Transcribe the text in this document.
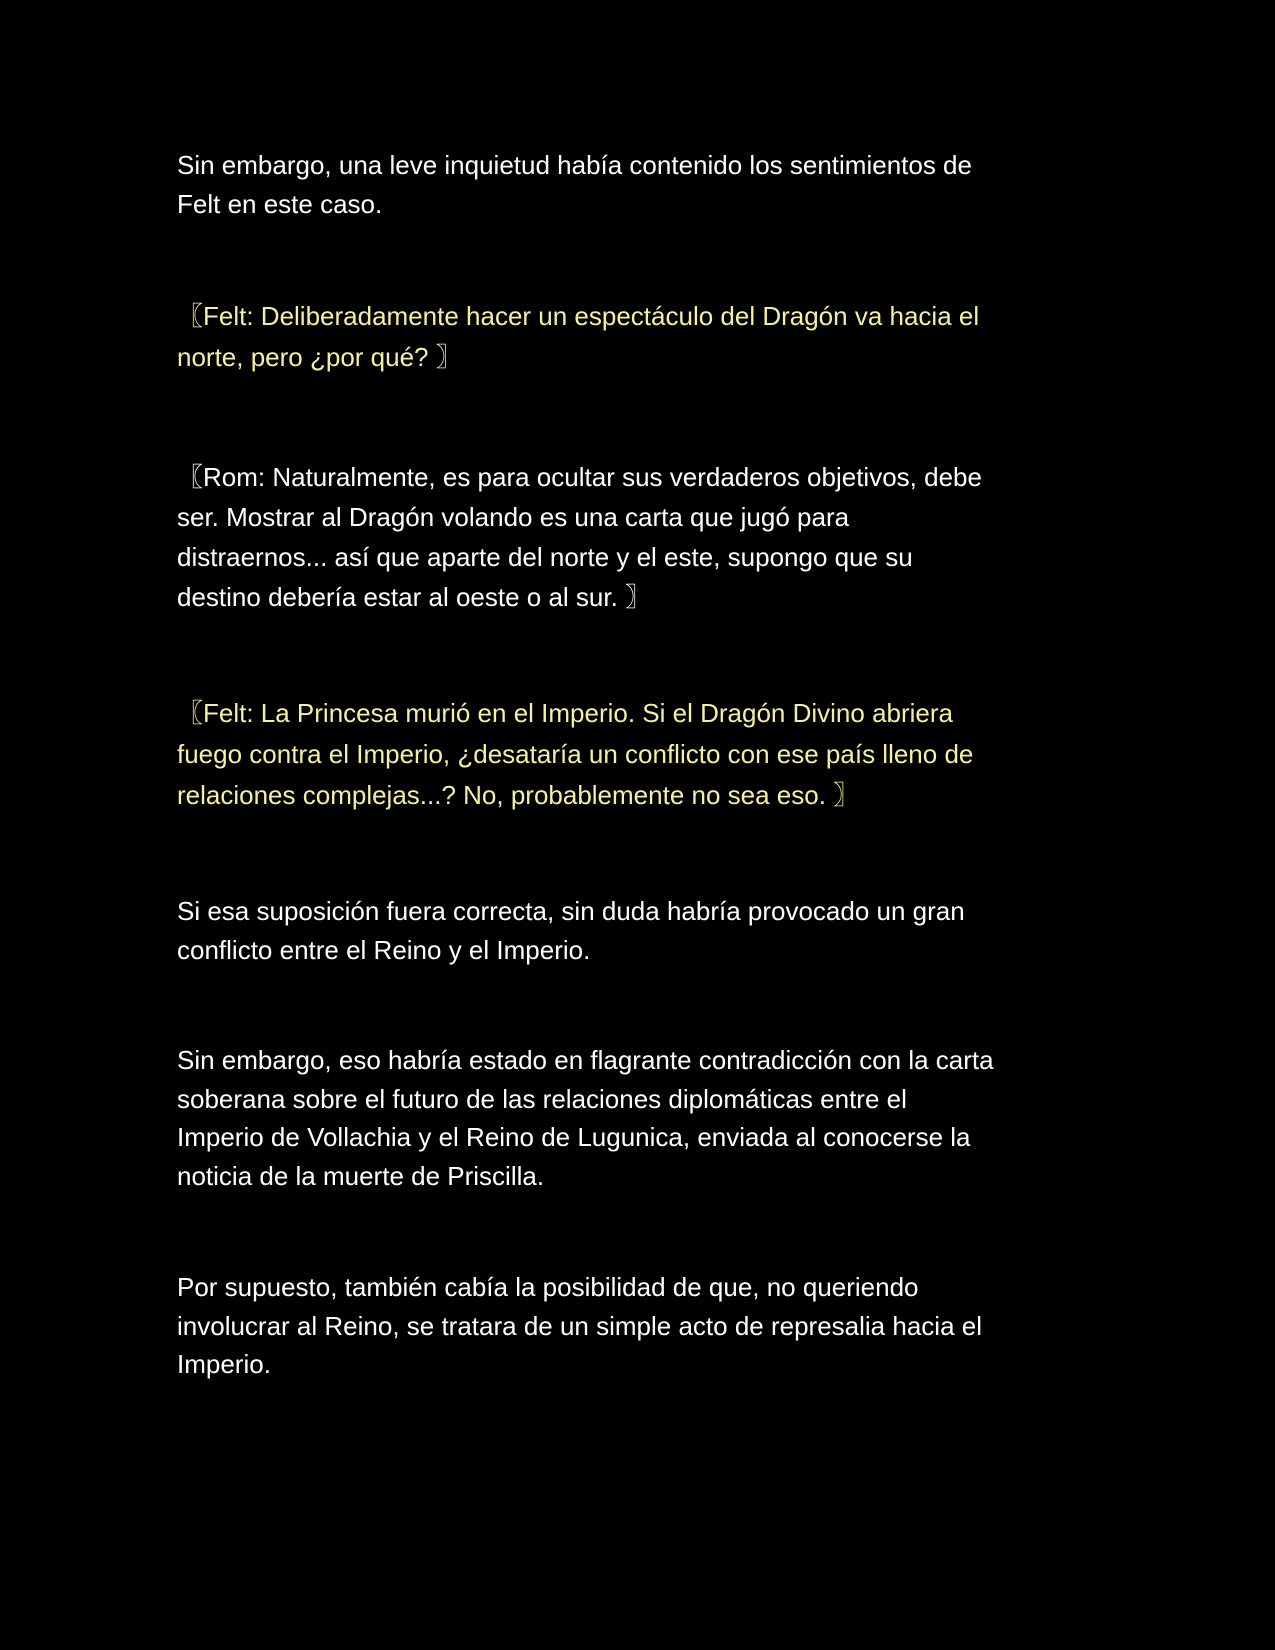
Sin embargo, una leve inquietud había contenido los sentimientos de
Felt en este caso.

〖Felt: Deliberadamente hacer un espectáculo del Dragón va hacia el
norte, pero ¿por qué? 〗

〖Rom: Naturalmente, es para ocultar sus verdaderos objetivos, debe
ser. Mostrar al Dragón volando es una carta que jugó para
distraernos... así que aparte del norte y el este, supongo que su
destino debería estar al oeste o al sur. 〗

〖Felt: La Princesa murió en el Imperio. Si el Dragón Divino abriera
fuego contra el Imperio, ¿desataría un conflicto con ese país lleno de
relaciones complejas...? No, probablemente no sea eso. 〗

Si esa suposición fuera correcta, sin duda habría provocado un gran
conflicto entre el Reino y el Imperio.

Sin embargo, eso habría estado en flagrante contradicción con la carta
soberana sobre el futuro de las relaciones diplomáticas entre el
Imperio de Vollachia y el Reino de Lugunica, enviada al conocerse la
noticia de la muerte de Priscilla.

Por supuesto, también cabía la posibilidad de que, no queriendo
involucrar al Reino, se tratara de un simple acto de represalia hacia el
Imperio.
